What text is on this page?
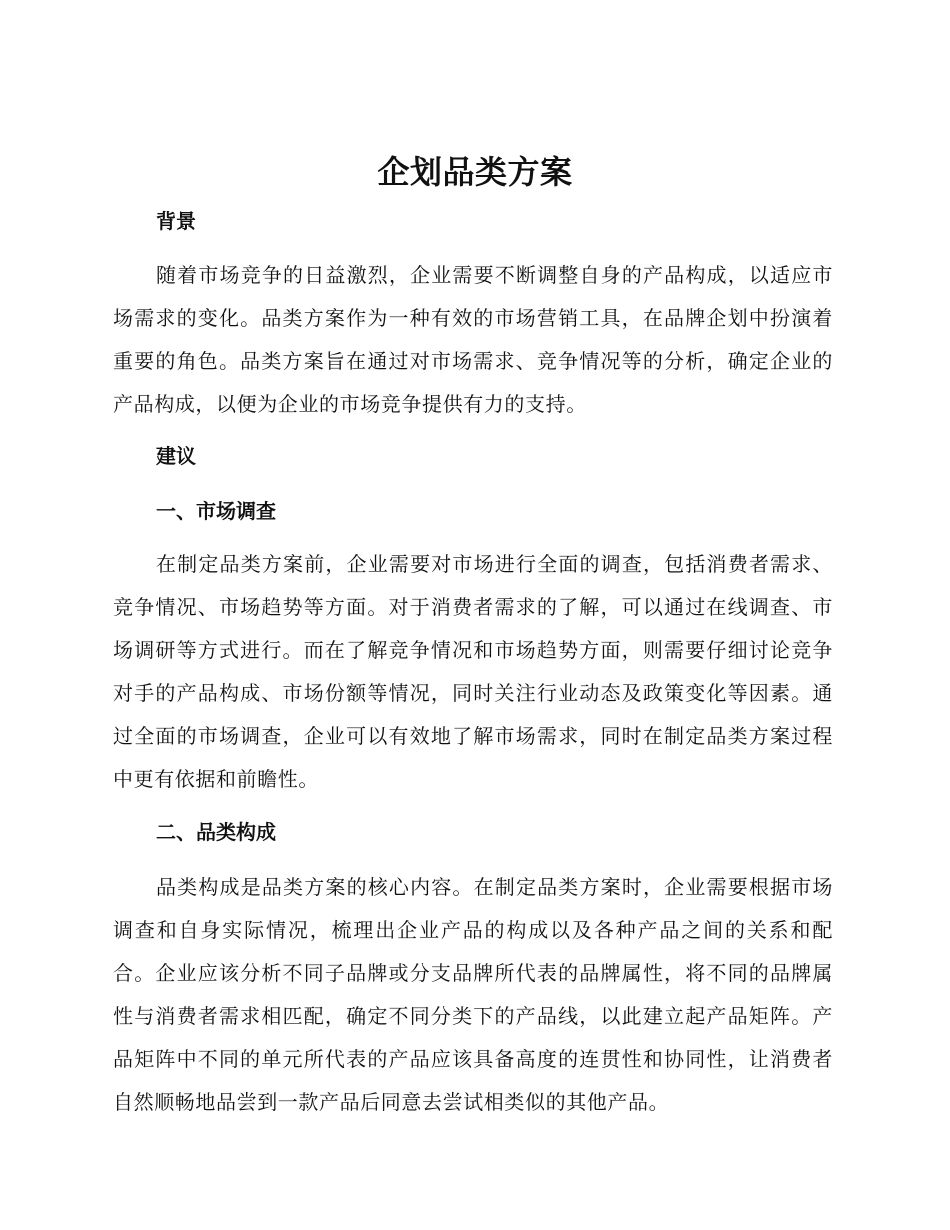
企划品类方案
背景

随着市场竞争的日益激烈，企业需要不断调整自身的产品构成，以适应市场需求的变化。品类方案作为一种有效的市场营销工具，在品牌企划中扮演着重要的角色。品类方案旨在通过对市场需求、竞争情况等的分析，确定企业的产品构成，以便为企业的市场竞争提供有力的支持。

建议
一、市场调查

在制定品类方案前，企业需要对市场进行全面的调查，包括消费者需求、竞争情况、市场趋势等方面。对于消费者需求的了解，可以通过在线调查、市场调研等方式进行。而在了解竞争情况和市场趋势方面，则需要仔细讨论竞争对手的产品构成、市场份额等情况，同时关注行业动态及政策变化等因素。通过全面的市场调查，企业可以有效地了解市场需求，同时在制定品类方案过程中更有依据和前瞻性。

二、品类构成

品类构成是品类方案的核心内容。在制定品类方案时，企业需要根据市场调查和自身实际情况，梳理出企业产品的构成以及各种产品之间的关系和配合。企业应该分析不同子品牌或分支品牌所代表的品牌属性，将不同的品牌属性与消费者需求相匹配，确定不同分类下的产品线，以此建立起产品矩阵。产品矩阵中不同的单元所代表的产品应该具备高度的连贯性和协同性，让消费者自然顺畅地品尝到一款产品后同意去尝试相类似的其他产品。
